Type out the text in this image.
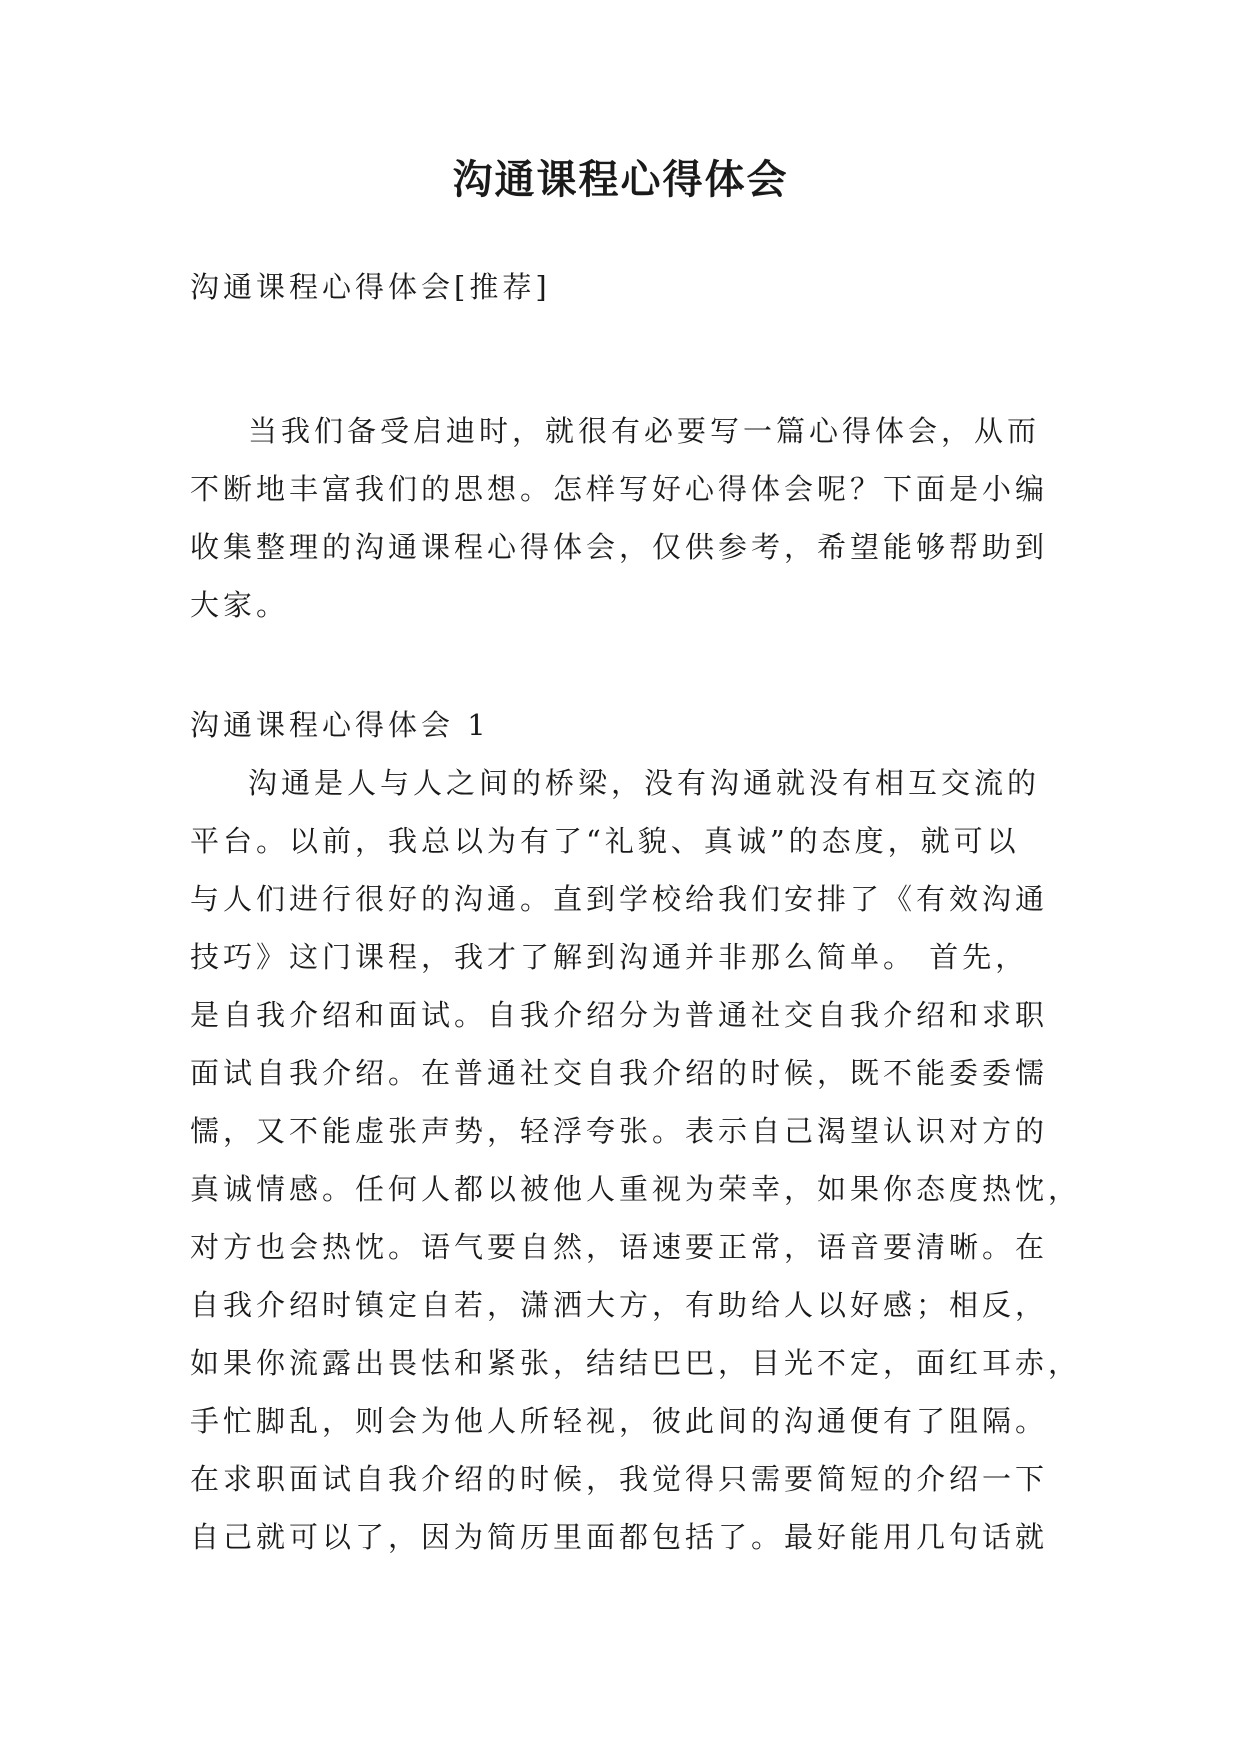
沟通课程心得体会

沟通课程心得体会[推荐]

当我们备受启迪时，就很有必要写一篇心得体会，从而
不断地丰富我们的思想。怎样写好心得体会呢？下面是小编
收集整理的沟通课程心得体会，仅供参考，希望能够帮助到
大家。

沟通课程心得体会 1

沟通是人与人之间的桥梁，没有沟通就没有相互交流的
平台。以前，我总以为有了“礼貌、真诚”的态度，就可以
与人们进行很好的沟通。直到学校给我们安排了《有效沟通
技巧》这门课程，我才了解到沟通并非那么简单。 首先，
是自我介绍和面试。自我介绍分为普通社交自我介绍和求职
面试自我介绍。在普通社交自我介绍的时候，既不能委委懦
懦，又不能虚张声势，轻浮夸张。表示自己渴望认识对方的
真诚情感。任何人都以被他人重视为荣幸，如果你态度热忱，
对方也会热忱。语气要自然，语速要正常，语音要清晰。在
自我介绍时镇定自若，潇洒大方，有助给人以好感；相反，
如果你流露出畏怯和紧张，结结巴巴，目光不定，面红耳赤，
手忙脚乱，则会为他人所轻视，彼此间的沟通便有了阻隔。
在求职面试自我介绍的时候，我觉得只需要简短的介绍一下
自己就可以了，因为简历里面都包括了。最好能用几句话就
